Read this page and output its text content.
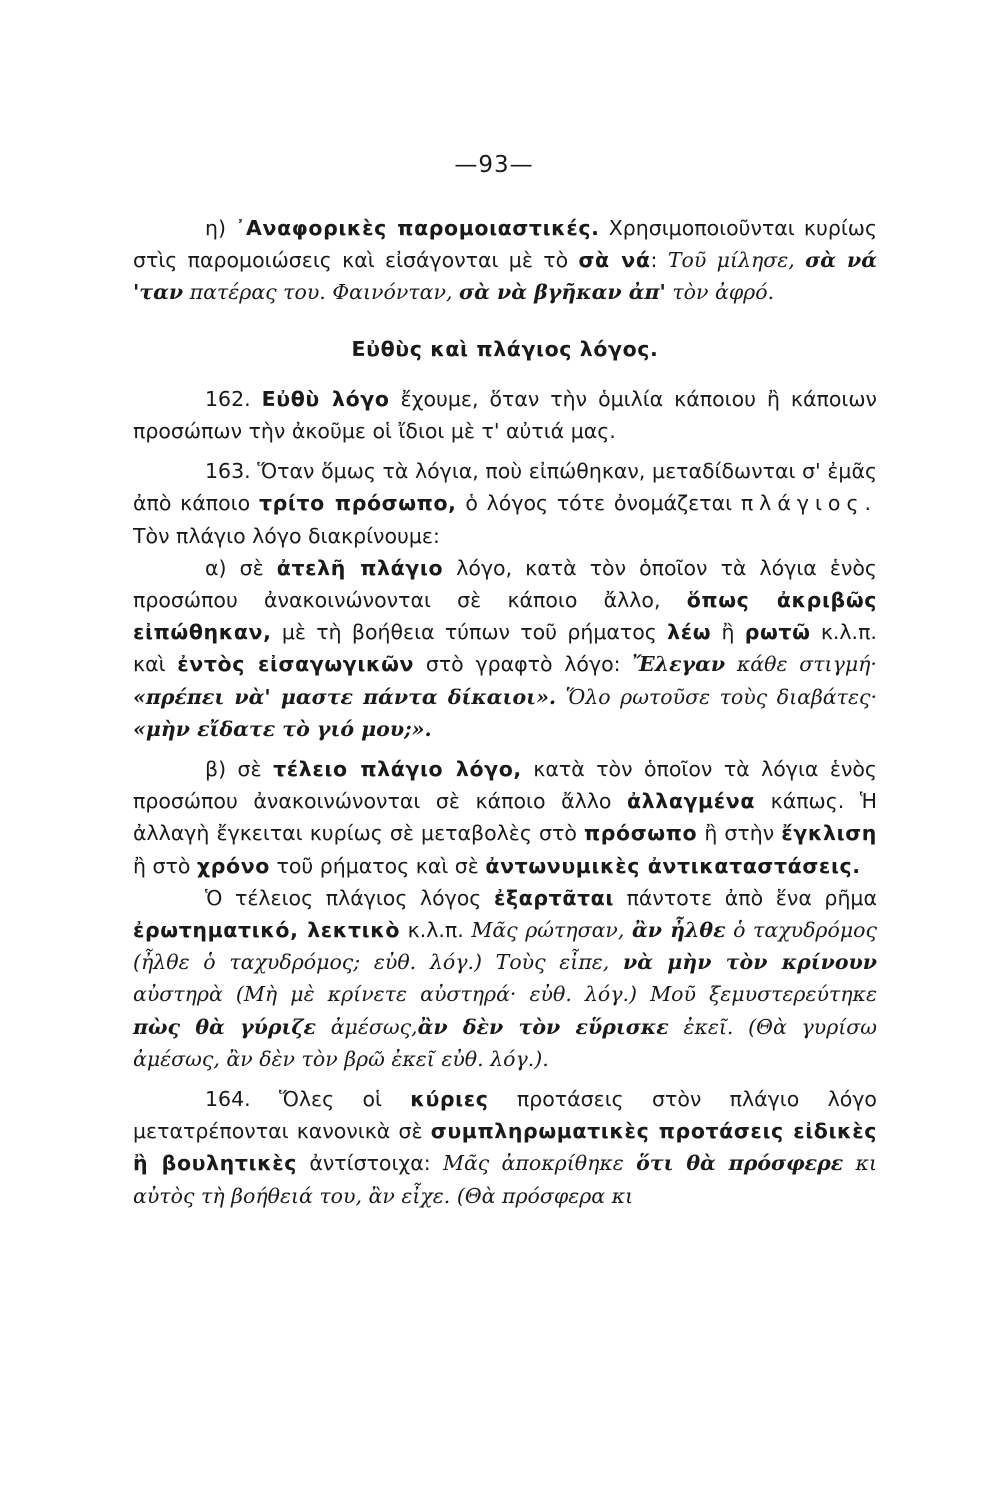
—93—

η) ᾿Αναφορικὲς παρομοιαστικές. Χρησιμοποιοῦνται κυρίως στὶς παρομοιώσεις καὶ εἰσάγονται μὲ τὸ σὰ νά: Τοῦ μίλησε, σὰ νά 'ταν πατέρας του. Φαινόνταν, σὰ νὰ βγῆκαν ἀπ' τὸν ἀφρό.

Εὐθὺς καὶ πλάγιος λόγος.

162. Εὐθὺ λόγο ἔχουμε, ὅταν τὴν ὁμιλία κάποιου ἢ κάποιων προσώπων τὴν ἀκοῦμε οἱ ἴδιοι μὲ τ' αὐτιά μας.

163. Ὅταν ὅμως τὰ λόγια, ποὺ εἰπώθηκαν, μεταδίδωνται σ' ἐμᾶς ἀπὸ κάποιο τρίτο πρόσωπο, ὁ λόγος τότε ὀνομάζεται πλάγιος. Τὸν πλάγιο λόγο διακρίνουμε:

α) σὲ ἀτελῆ πλάγιο λόγο, κατὰ τὸν ὁποῖον τὰ λόγια ἑνὸς προσώπου ἀνακοινώνονται σὲ κάποιο ἄλλο, ὅπως ἀκριβῶς εἰπώθηκαν, μὲ τὴ βοήθεια τύπων τοῦ ρήματος λέω ἢ ρωτῶ κ.λ.π. καὶ ἐντὸς εἰσαγωγικῶν στὸ γραφτὸ λόγο: Ἔλεγαν κάθε στιγμή· «πρέπει νὰ' μαστε πάντα δίκαιοι». Ὅλο ρωτοῦσε τοὺς διαβάτες· «μὴν εἴδατε τὸ γιό μου;».

β) σὲ τέλειο πλάγιο λόγο, κατὰ τὸν ὁποῖον τὰ λόγια ἑνὸς προσώπου ἀνακοινώνονται σὲ κάποιο ἄλλο ἀλλαγμένα κάπως. Ἡ ἀλλαγὴ ἔγκειται κυρίως σὲ μεταβολὲς στὸ πρόσωπο ἢ στὴν ἔγκλιση ἢ στὸ χρόνο τοῦ ρήματος καὶ σὲ ἀντωνυμικὲς ἀντικαταστάσεις.

Ὁ τέλειος πλάγιος λόγος ἐξαρτᾶται πάντοτε ἀπὸ ἕνα ρῆμα ἐρωτηματικό, λεκτικὸ κ.λ.π. Μᾶς ρώτησαν, ἂν ἦλθε ὁ ταχυδρόμος (ἦλθε ὁ ταχυδρόμος; εὐθ. λόγ.) Τοὺς εἶπε, νὰ μὴν τὸν κρίνουν αὐστηρὰ (Μὴ μὲ κρίνετε αὐστηρά· εὐθ. λόγ.) Μοῦ ξεμυστερεύτηκε πὼς θὰ γύριζε ἀμέσως,ἂν δὲν τὸν εὕρισκε ἐκεῖ. (Θὰ γυρίσω ἀμέσως, ἂν δὲν τὸν βρῶ ἐκεῖ εὐθ. λόγ.).

164. Ὅλες οἱ κύριες προτάσεις στὸν πλάγιο λόγο μετατρέπονται κανονικὰ σὲ συμπληρωματικὲς προτάσεις εἰδικὲς ἢ βουλητικὲς ἀντίστοιχα: Μᾶς ἀποκρίθηκε ὅτι θὰ πρόσφερε κι αὐτὸς τὴ βοήθειά του, ἂν εἶχε. (Θὰ πρόσφερα κι
